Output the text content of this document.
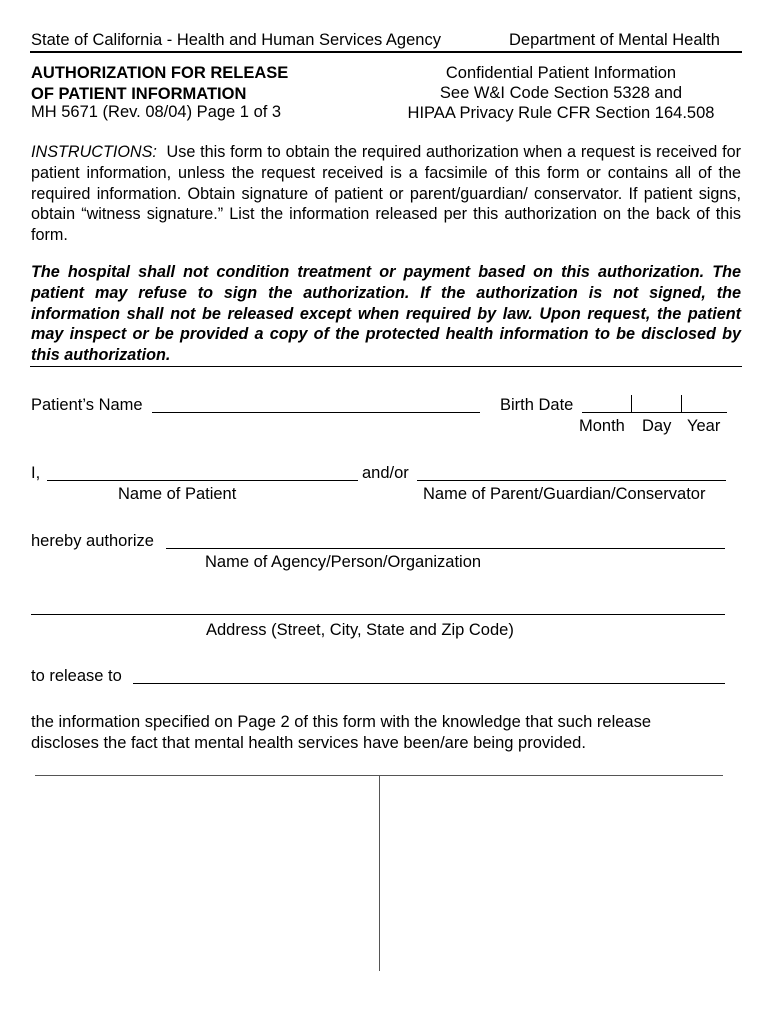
State of California - Health and Human Services Agency	Department of Mental Health
AUTHORIZATION FOR RELEASE
OF PATIENT INFORMATION
MH 5671 (Rev. 08/04) Page 1 of 3
Confidential Patient Information
See W&I Code Section 5328 and
HIPAA Privacy Rule CFR Section 164.508
INSTRUCTIONS: Use this form to obtain the required authorization when a request is received for patient information, unless the request received is a facsimile of this form or contains all of the required information. Obtain signature of patient or parent/guardian/ conservator. If patient signs, obtain “witness signature.” List the information released per this authorization on the back of this form.
The hospital shall not condition treatment or payment based on this authorization. The patient may refuse to sign the authorization. If the authorization is not signed, the information shall not be released except when required by law. Upon request, the patient may inspect or be provided a copy of the protected health information to be disclosed by this authorization.
Patient’s Name	Birth Date
Month Day Year
I,	and/or
Name of Patient	Name of Parent/Guardian/Conservator
hereby authorize
Name of Agency/Person/Organization
Address (Street, City, State and Zip Code)
to release to
the information specified on Page 2 of this form with the knowledge that such release
discloses the fact that mental health services have been/are being provided.
